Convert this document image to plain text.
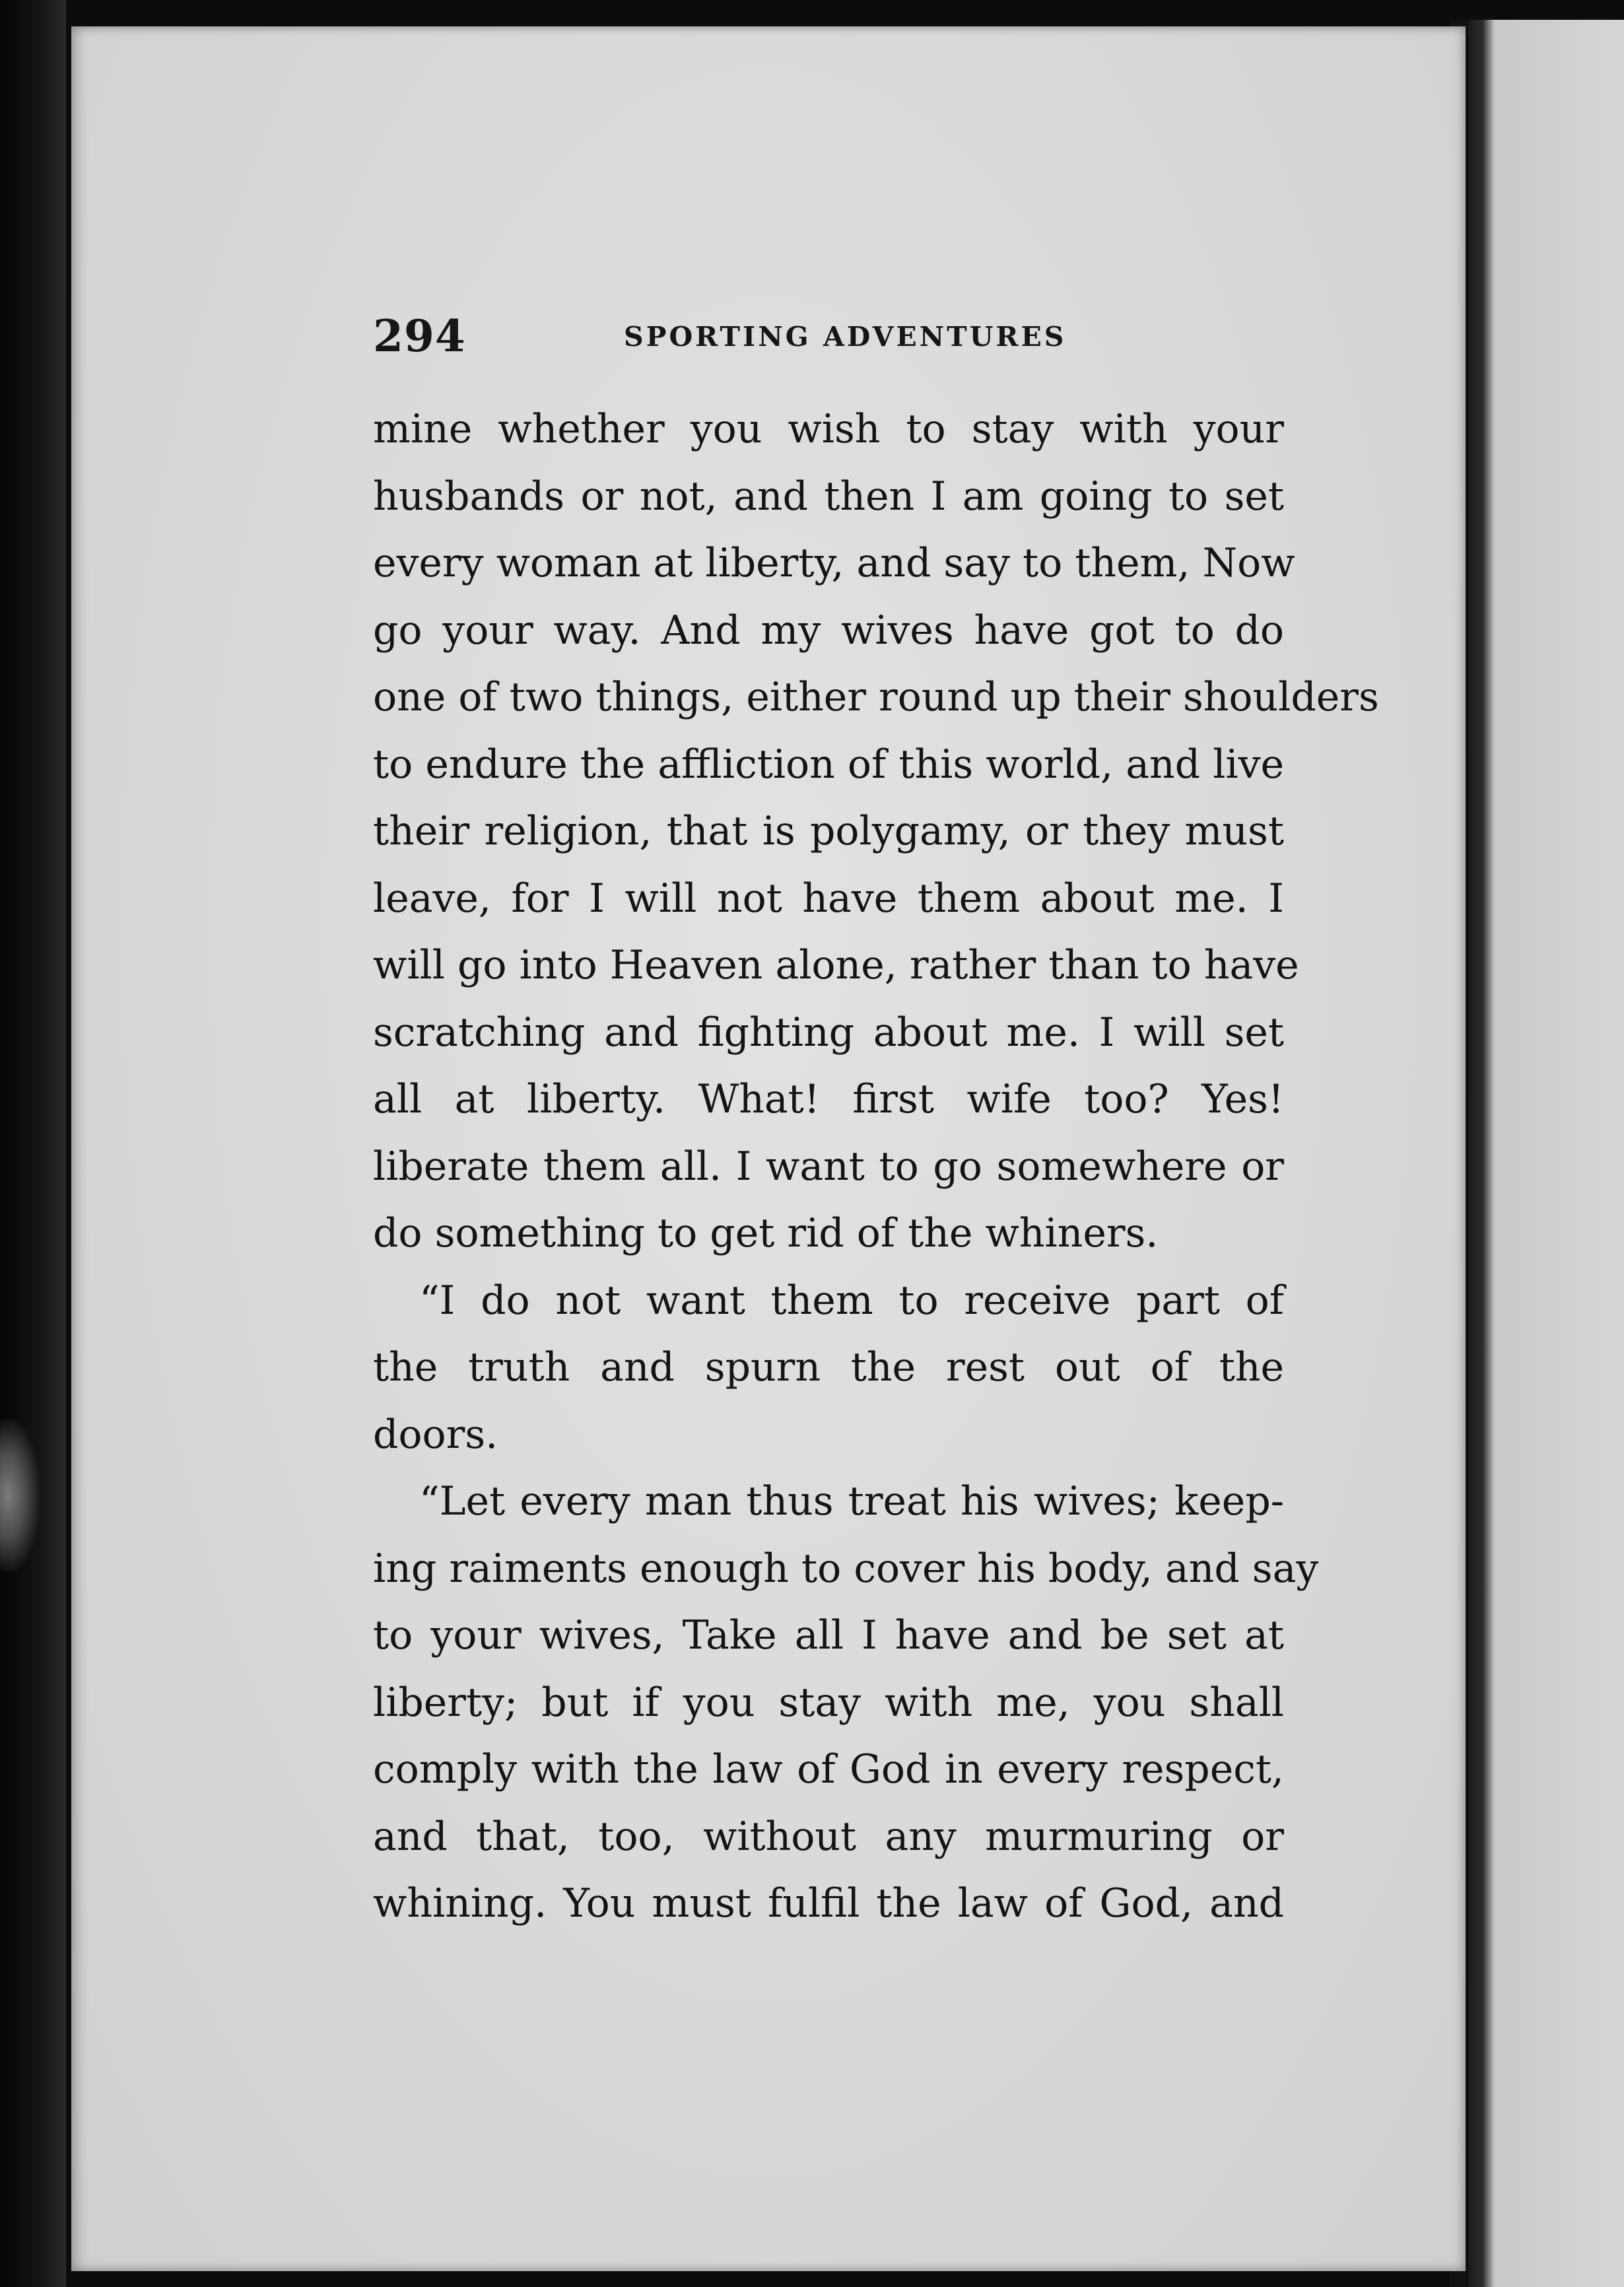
294	SPORTING ADVENTURES
mine whether you wish to stay with your
husbands or not, and then I am going to set
every woman at liberty, and say to them, Now
go your way. And my wives have got to do
one of two things, either round up their shoulders
to endure the affliction of this world, and live
their religion, that is polygamy, or they must
leave, for I will not have them about me. I
will go into Heaven alone, rather than to have
scratching and fighting about me. I will set
all at liberty. What! first wife too? Yes!
liberate them all. I want to go somewhere or
do something to get rid of the whiners.
“I do not want them to receive part of
the truth and spurn the rest out of the
doors.
“Let every man thus treat his wives; keep-
ing raiments enough to cover his body, and say
to your wives, Take all I have and be set at
liberty; but if you stay with me, you shall
comply with the law of God in every respect,
and that, too, without any murmuring or
whining. You must fulfil the law of God, and
